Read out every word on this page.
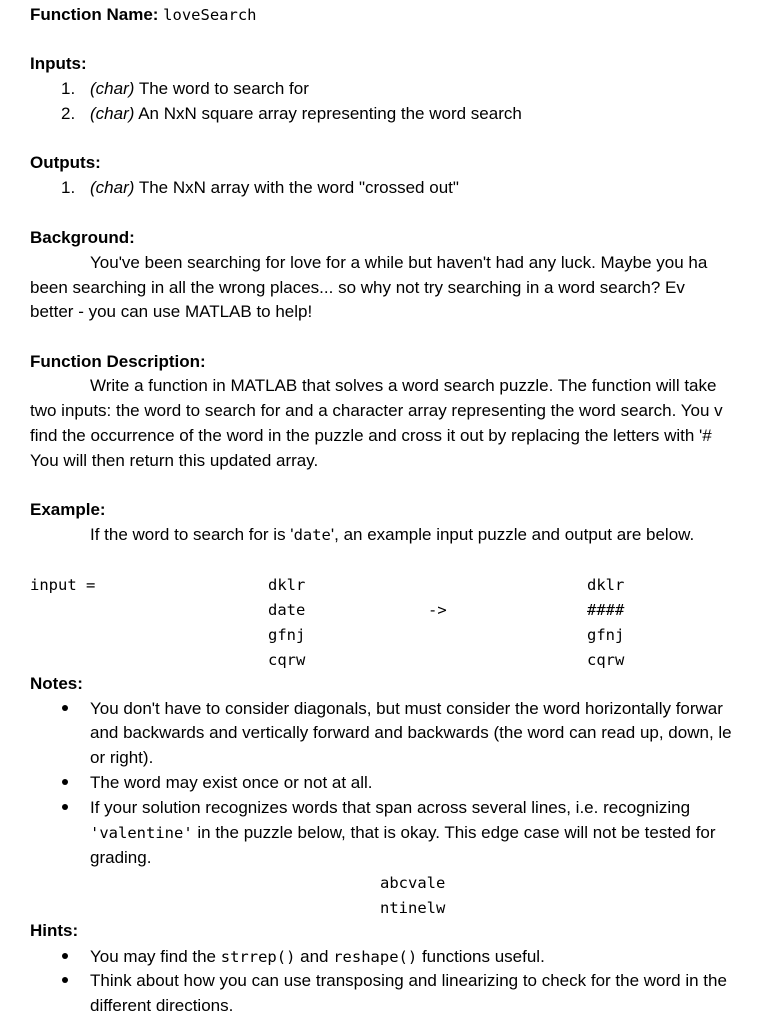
Function Name: loveSearch
Inputs:
1. (char) The word to search for
2. (char) An NxN square array representing the word search
Outputs:
1. (char) The NxN array with the word "crossed out"
Background:
You've been searching for love for a while but haven't had any luck. Maybe you ha
been searching in all the wrong places... so why not try searching in a word search? Ev
better - you can use MATLAB to help!
Function Description:
Write a function in MATLAB that solves a word search puzzle. The function will take
two inputs: the word to search for and a character array representing the word search. You v
find the occurrence of the word in the puzzle and cross it out by replacing the letters with '#
You will then return this updated array.
Example:
If the word to search for is 'date', an example input puzzle and output are below.
input =	dklr
date
gfnj
cqrw
->
dklr
####
gfnj
cqrw
Notes:
You don't have to consider diagonals, but must consider the word horizontally forwar
and backwards and vertically forward and backwards (the word can read up, down, le
or right).
The word may exist once or not at all.
If your solution recognizes words that span across several lines, i.e. recognizing
'valentine' in the puzzle below, that is okay. This edge case will not be tested for
grading.
abcvale
ntinelw
Hints:
You may find the strrep() and reshape() functions useful.
Think about how you can use transposing and linearizing to check for the word in the
different directions.
